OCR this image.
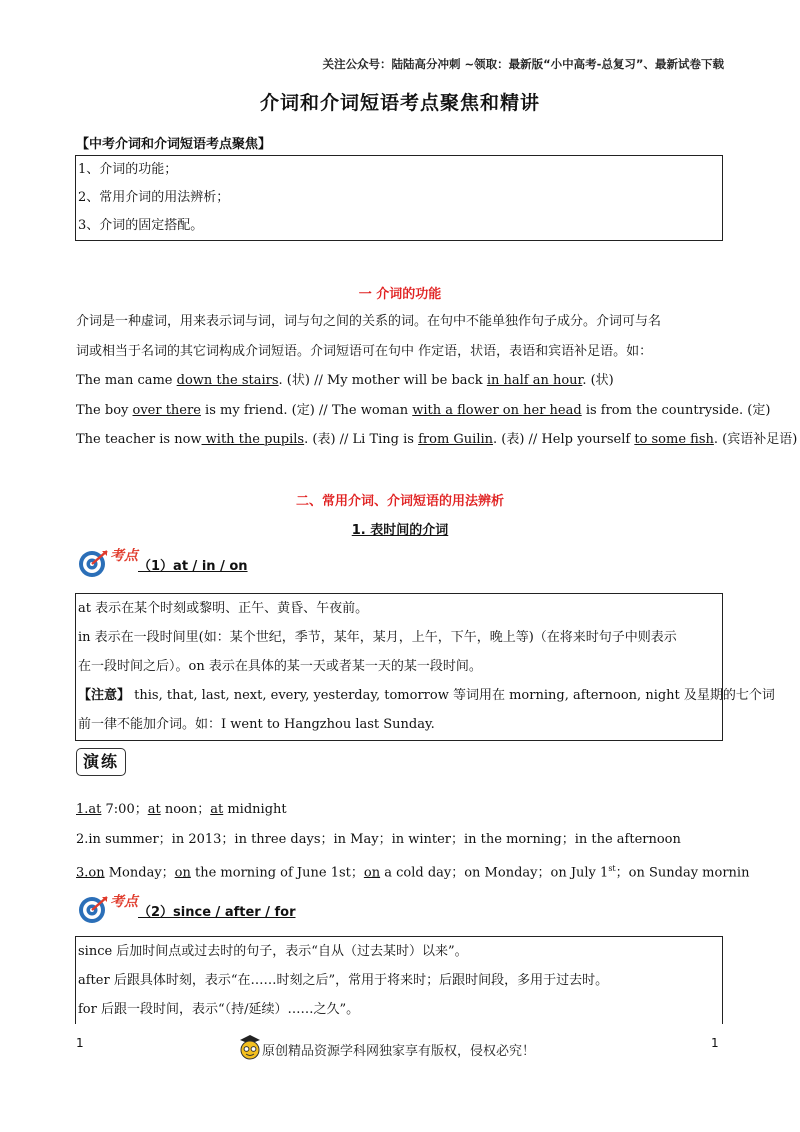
关注公众号：陆陆高分冲刺 ~领取：最新版“小中高考-总复习”、最新试卷下载
介词和介词短语考点聚焦和精讲
【中考介词和介词短语考点聚焦】
1、介词的功能；
2、常用介词的用法辨析；
3、介词的固定搭配。
一 介词的功能
介词是一种虚词，用来表示词与词，词与句之间的关系的词。在句中不能单独作句子成分。介词可与名
词或相当于名词的其它词构成介词短语。介词短语可在句中 作定语，状语，表语和宾语补足语。如：
The man came down the stairs. (状) // My mother will be back in half an hour. (状)
The boy over there is my friend. (定) // The woman with a flower on her head is from the countryside. (定)
The teacher is now with the pupils. (表) // Li Ting is from Guilin. (表) // Help yourself to some fish. (宾语补足语)
二、常用介词、介词短语的用法辨析
1. 表时间的介词
考点（1）at / in / on
at 表示在某个时刻或黎明、正午、黄昏、午夜前。
in 表示在一段时间里(如：某个世纪，季节，某年，某月，上午，下午，晚上等)（在将来时句子中则表示
在一段时间之后）。on 表示在具体的某一天或者某一天的某一段时间。
【注意】 this, that, last, next, every, yesterday, tomorrow 等词用在 morning, afternoon, night 及星期的七个词
前一律不能加介词。如：I went to Hangzhou last Sunday.
演练
1.at 7:00；at noon；at midnight
2.in summer；in 2013；in three days；in May；in winter；in the morning；in the afternoon
3.on Monday；on the morning of June 1st；on a cold day；on Monday；on July 1st；on Sunday mornin
考点（2）since / after / for
since 后加时间点或过去时的句子，表示“自从（过去某时）以来”。
after 后跟具体时刻，表示“在……时刻之后”，常用于将来时；后跟时间段，多用于过去时。
for 后跟一段时间，表示“（持/延续）……之久”。
1	1
原创精品资源学科网独家享有版权，侵权必究！
